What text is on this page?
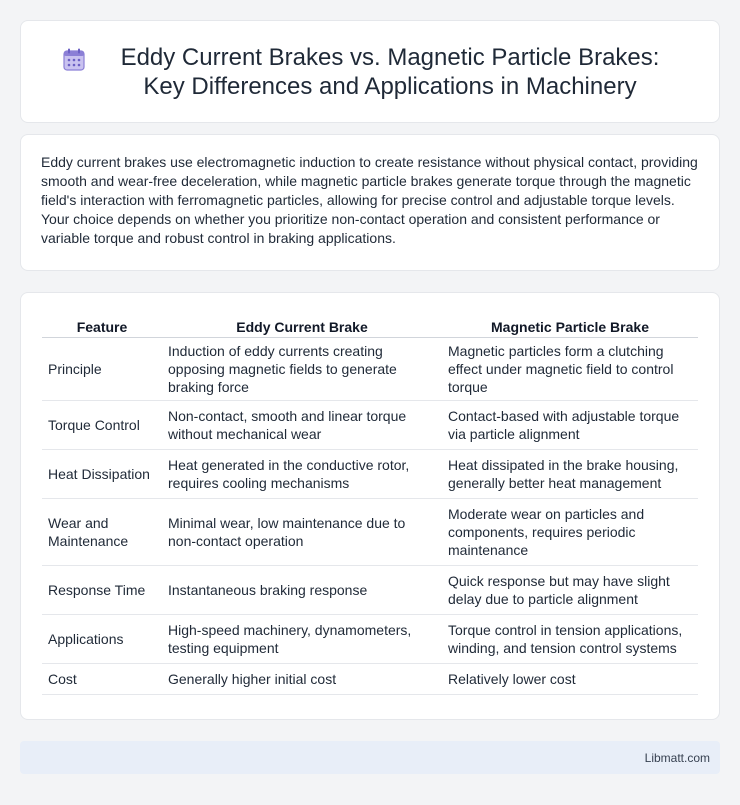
Eddy Current Brakes vs. Magnetic Particle Brakes: Key Differences and Applications in Machinery

Eddy current brakes use electromagnetic induction to create resistance without physical contact, providing smooth and wear-free deceleration, while magnetic particle brakes generate torque through the magnetic field's interaction with ferromagnetic particles, allowing for precise control and adjustable torque levels. Your choice depends on whether you prioritize non-contact operation and consistent performance or variable torque and robust control in braking applications.

Feature	Eddy Current Brake	Magnetic Particle Brake
Principle	Induction of eddy currents creating opposing magnetic fields to generate braking force	Magnetic particles form a clutching effect under magnetic field to control torque
Torque Control	Non-contact, smooth and linear torque without mechanical wear	Contact-based with adjustable torque via particle alignment
Heat Dissipation	Heat generated in the conductive rotor, requires cooling mechanisms	Heat dissipated in the brake housing, generally better heat management
Wear and Maintenance	Minimal wear, low maintenance due to non-contact operation	Moderate wear on particles and components, requires periodic maintenance
Response Time	Instantaneous braking response	Quick response but may have slight delay due to particle alignment
Applications	High-speed machinery, dynamometers, testing equipment	Torque control in tension applications, winding, and tension control systems
Cost	Generally higher initial cost	Relatively lower cost
Libmatt.com
